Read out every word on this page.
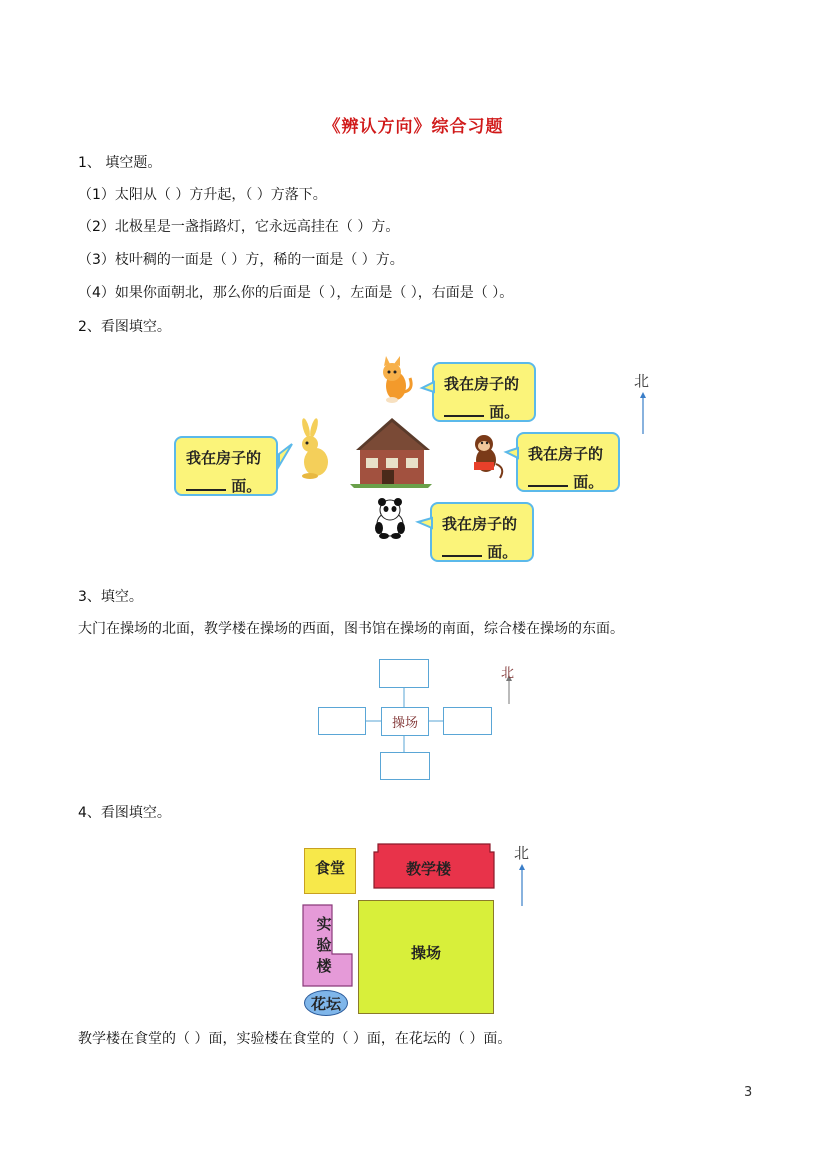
《辨认方向》综合习题
1、 填空题。
（1）太阳从（ ）方升起，（ ）方落下。
（2）北极星是一盏指路灯，它永远高挂在（ ）方。
（3）枝叶稠的一面是（ ）方，稀的一面是（ ）方。
（4）如果你面朝北，那么你的后面是（ ），左面是（ ），右面是（ ）。
2、看图填空。
我在房子的
面。
我在房子的
面。
我在房子的
面。
我在房子的
面。
北
3、填空。
大门在操场的北面，教学楼在操场的西面，图书馆在操场的南面，综合楼在操场的东面。
操场
北
4、看图填空。
食堂	教学楼
实
验
楼
花坛
操场
北
教学楼在食堂的（ ）面，实验楼在食堂的（ ）面，在花坛的（ ）面。
3
